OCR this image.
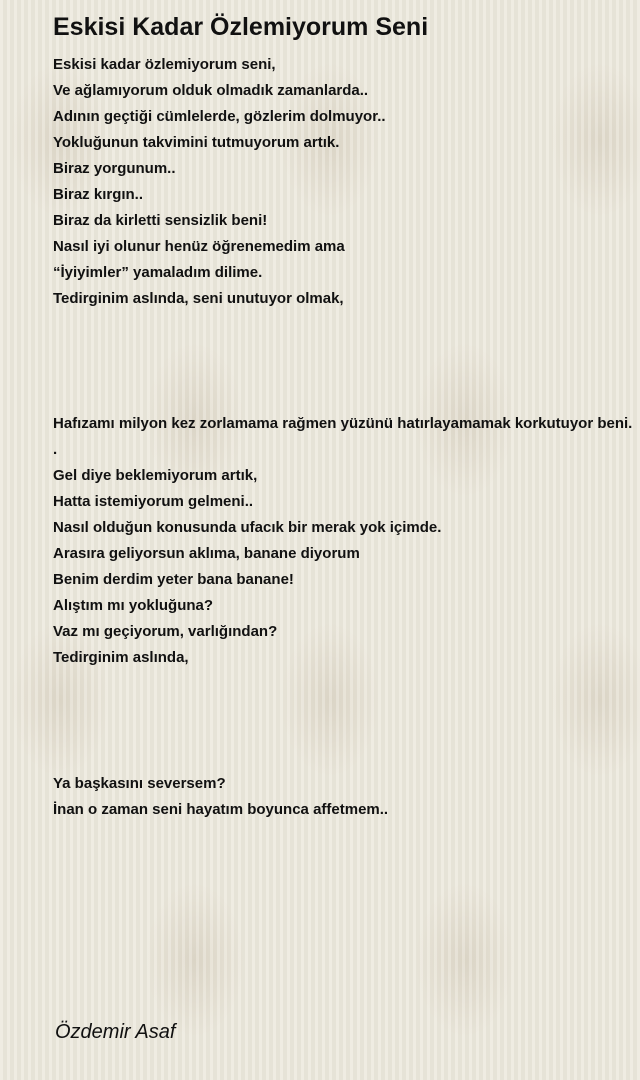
Eskisi Kadar Özlemiyorum Seni
Eskisi kadar özlemiyorum seni,
Ve ağlamıyorum olduk olmadık zamanlarda..
Adının geçtiği cümlelerde, gözlerim dolmuyor..
Yokluğunun takvimini tutmuyorum artık.
Biraz yorgunum..
Biraz kırgın..
Biraz da kirletti sensizlik beni!
Nasıl iyi olunur henüz öğrenemedim ama
“İyiyimler” yamaladım dilime.
Tedirginim aslında, seni unutuyor olmak,
Hafızamı milyon kez zorlamama rağmen yüzünü hatırlayamamak korkutuyor beni. .
Gel diye beklemiyorum artık,
Hatta istemiyorum gelmeni..
Nasıl olduğun konusunda ufacık bir merak yok içimde.
Arasıra geliyorsun aklıma, banane diyorum
Benim derdim yeter bana banane!
Alıştım mı yokluğuna?
Vaz mı geçiyorum, varlığından?
Tedirginim aslında,
Ya başkasını seversem?
İnan o zaman seni hayatım boyunca affetmem..

Özdemir Asaf
